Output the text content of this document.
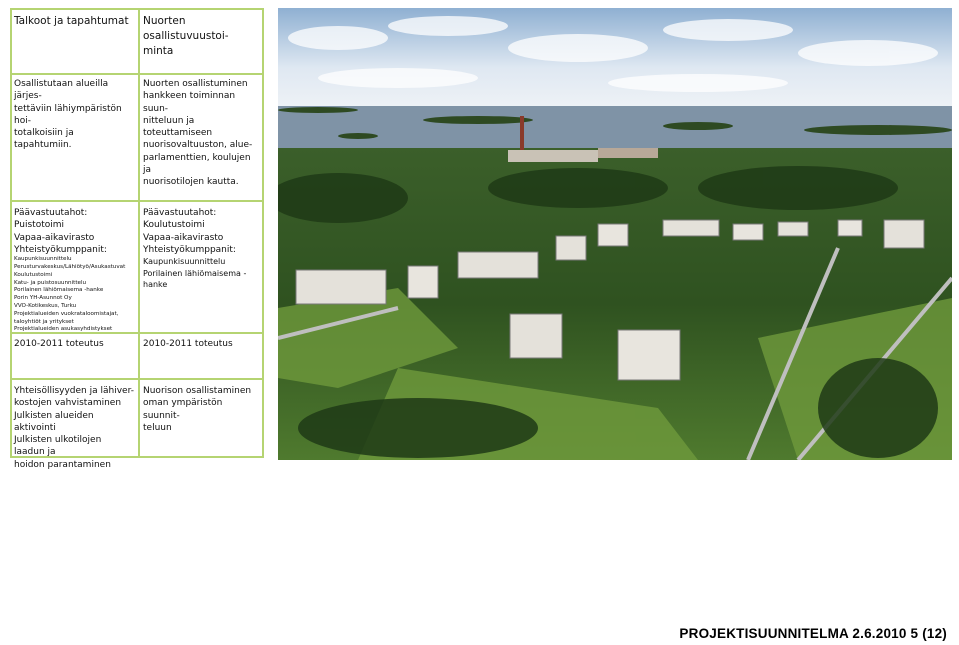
Talkoot ja tapahtumat	Nuorten osallistuvuustoi-
minta
Osallistutaan alueilla järjes-
tettäviin lähiympäristön hoi-
totalkoisiin ja tapahtumiin.
Nuorten osallistuminen
hankkeen toiminnan suun-
nitteluun ja toteuttamiseen
nuorisovaltuuston, alue-
parlamenttien, koulujen ja
nuorisotilojen kautta.
Päävastuutahot:
Puistotoimi
Vapaa-aikavirasto
Yhteistyökumppanit:
Kaupunkisuunnittelu
Perusturvakeskus/Lähiötyö/Asukastuvat
Koulutustoimi
Katu- ja puistosuunnittelu
Porilainen lähiömaisema -hanke
Porin YH-Asunnot Oy
VVO-Kotikeskus, Turku
Projektialueiden vuokrataloomistajat,
taloyhtiöt ja yritykset
Projektialueiden asukasyhdistykset
Päävastuutahot:
Koulutustoimi
Vapaa-aikavirasto
Yhteistyökumppanit:
Kaupunkisuunnittelu
Porilainen lähiömaisema -hanke
2010-2011 toteutus	2010-2011 toteutus
Yhteisöllisyyden ja lähiver-
kostojen vahvistaminen
Julkisten alueiden aktivointi
Julkisten ulkotilojen laadun ja
hoidon parantaminen
Nuorison osallistaminen
oman ympäristön suunnit-
teluun
PROJEKTISUUNNITELMA 2.6.2010 5 (12)
